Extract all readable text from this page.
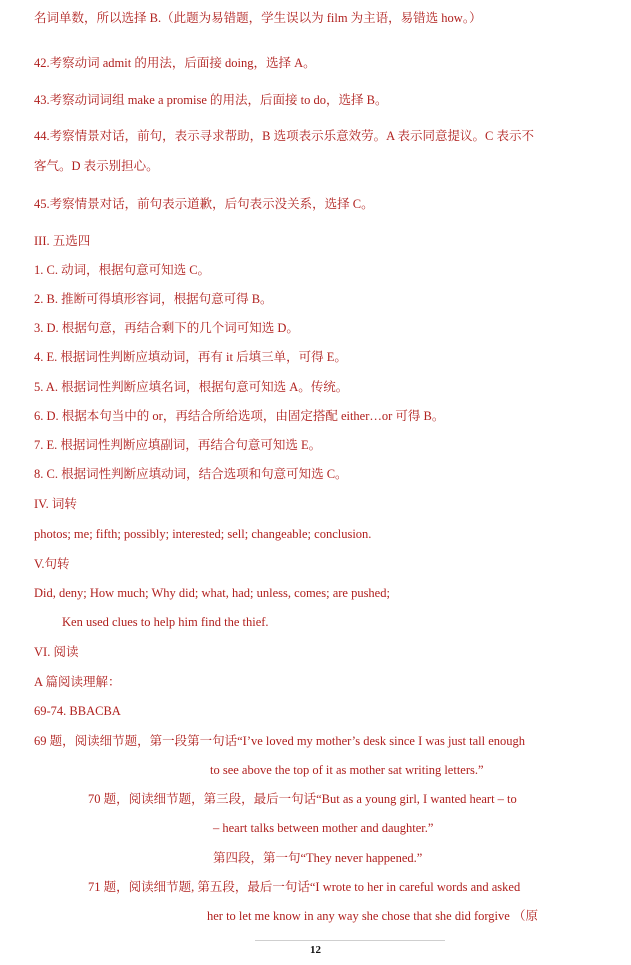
名词单数，所以选择 B.（此题为易错题，学生误以为 film 为主语，易错选 how。）
42.考察动词 admit 的用法，后面接 doing，选择 A。
43.考察动词词组 make a promise 的用法，后面接 to do，选择 B。
44.考察情景对话，前句，表示寻求帮助，B 选项表示乐意效劳。A 表示同意提议。C 表示不
客气。D 表示别担心。
45.考察情景对话，前句表示道歉，后句表示没关系，选择 C。
III. 五选四
1. C. 动词，根据句意可知选 C。
2. B. 推断可得填形容词，根据句意可得 B。
3. D. 根据句意，再结合剩下的几个词可知选 D。
4. E. 根据词性判断应填动词，再有 it 后填三单，可得 E。
5. A. 根据词性判断应填名词，根据句意可知选 A。传统。
6. D. 根据本句当中的 or，再结合所给选项，由固定搭配 either…or 可得 B。
7. E. 根据词性判断应填副词，再结合句意可知选 E。
8. C. 根据词性判断应填动词，结合选项和句意可知选 C。
IV. 词转
photos; me; fifth; possibly; interested; sell; changeable; conclusion.
V.句转
Did, deny; How much; Why did; what, had; unless, comes; are pushed;
Ken used clues to help him find the thief.
VI. 阅读
A 篇阅读理解：
69-74. BBACBA
69 题，阅读细节题，第一段第一句话“I’ve loved my mother’s desk since I was just tall enough
to see above the top of it as mother sat writing letters.”
70 题，阅读细节题，第三段，最后一句话“But as a young girl, I wanted heart – to
– heart talks between mother and daughter.”
第四段，第一句“They never happened.”
71 题，阅读细节题, 第五段，最后一句话“I wrote to her in careful words and asked
her to let me know in any way she chose that she did forgive （原
12
